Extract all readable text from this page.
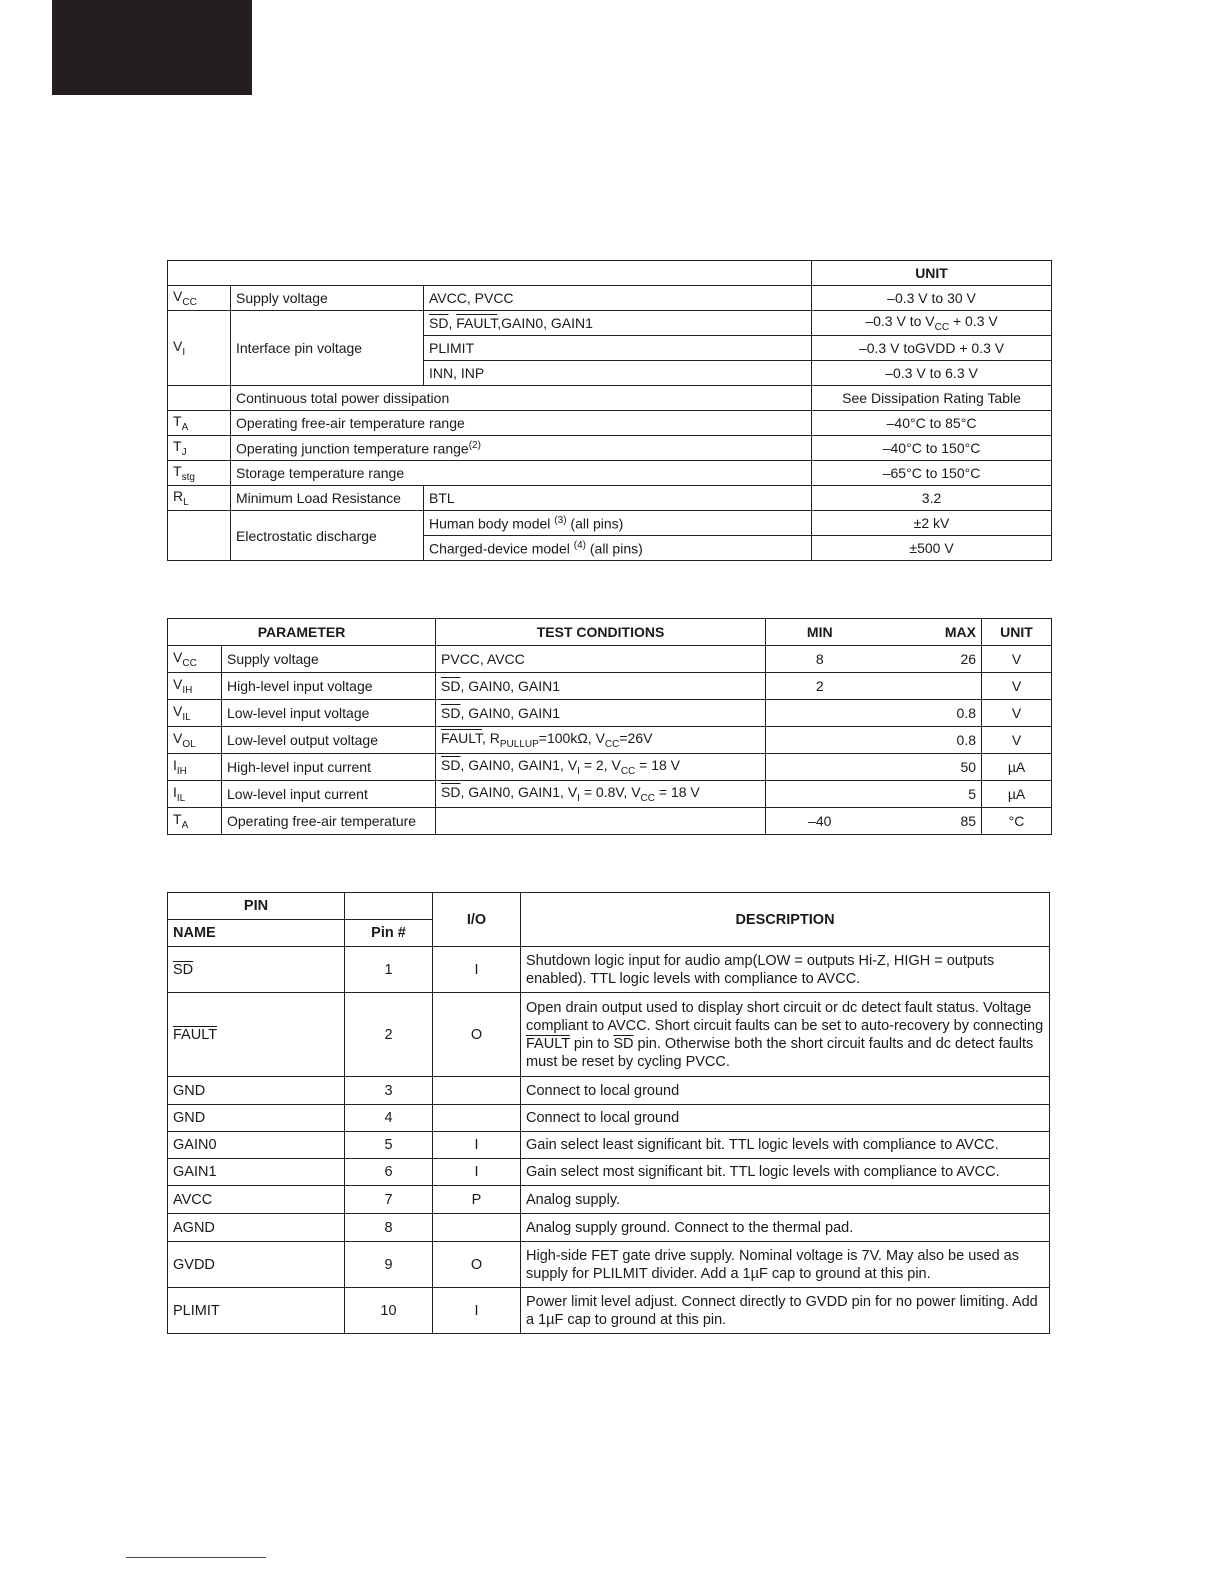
			UNIT
$V_{CC}$	Supply voltage	AVCC, PVCC	–0.3 V to 30 V
$V_I$	Interface pin voltage	$\overline{SD}$, FAULT,GAIN0, GAIN1	–0.3 V to $V_{CC} + 0.3$ V
		PLIMIT	–0.3 V toGVDD + 0.3 V
		INN, INP	–0.3 V to 6.3 V
	Continuous total power dissipation		See Dissipation Rating Table
$T_A$	Operating free-air temperature range		–40°C to 85°C
$T_J$	Operating junction temperature range$^{(2)}$		–40°C to 150°C
$T_{stg}$	Storage temperature range		–65°C to 150°C
$R_L$	Minimum Load Resistance	BTL	3.2
	Electrostatic discharge	Human body model $^{(3)}$ (all pins)	±2 kV
		Charged-device model $^{(4)}$ (all pins)	±500 V
PARAMETER		TEST CONDITIONS	MIN	MAX	UNIT
$V_{CC}$	Supply voltage	PVCC, AVCC	8	26	V
$V_{IH}$	High-level input voltage	$\overline{SD}$, GAIN0, GAIN1	2		V
$V_{IL}$	Low-level input voltage	$\overline{SD}$, GAIN0, GAIN1		0.8	V
$V_{OL}$	Low-level output voltage	FAULT, $R_{PULLUP}=100k\Omega$, $V_{CC}=26V$		0.8	V
$I_{IH}$	High-level input current	$\overline{SD}$, GAIN0, GAIN1, $V_I = 2$, $V_{CC} = 18$ V		50	µA
$I_{IL}$	Low-level input current	$\overline{SD}$, GAIN0, GAIN1, $V_I = 0.8V$, $V_{CC} = 18$ V		5	µA
$T_A$	Operating free-air temperature		–40	85	°C
PIN		I/O	DESCRIPTION
NAME	Pin #		
$\overline{SD}$	1	I	Shutdown logic input for audio amp(LOW = outputs Hi-Z, HIGH = outputs enabled). TTL logic levels with compliance to AVCC.
FAULT	2	O	Open drain output used to display short circuit or dc detect fault status. Voltage compliant to AVCC. Short circuit faults can be set to auto-recovery by connecting FAULT pin to $\overline{SD}$ pin. Otherwise both the short circuit faults and dc detect faults must be reset by cycling PVCC.
GND	3		Connect to local ground
GND	4		Connect to local ground
GAIN0	5	I	Gain select least significant bit. TTL logic levels with compliance to AVCC.
GAIN1	6	I	Gain select most significant bit. TTL logic levels with compliance to AVCC.
AVCC	7	P	Analog supply.
AGND	8		Analog supply ground. Connect to the thermal pad.
GVDD	9	O	High-side FET gate drive supply. Nominal voltage is 7V. May also be used as supply for PLILMIT divider. Add a 1µF cap to ground at this pin.
PLIMIT	10	I	Power limit level adjust. Connect directly to GVDD pin for no power limiting. Add a 1µF cap to ground at this pin.
